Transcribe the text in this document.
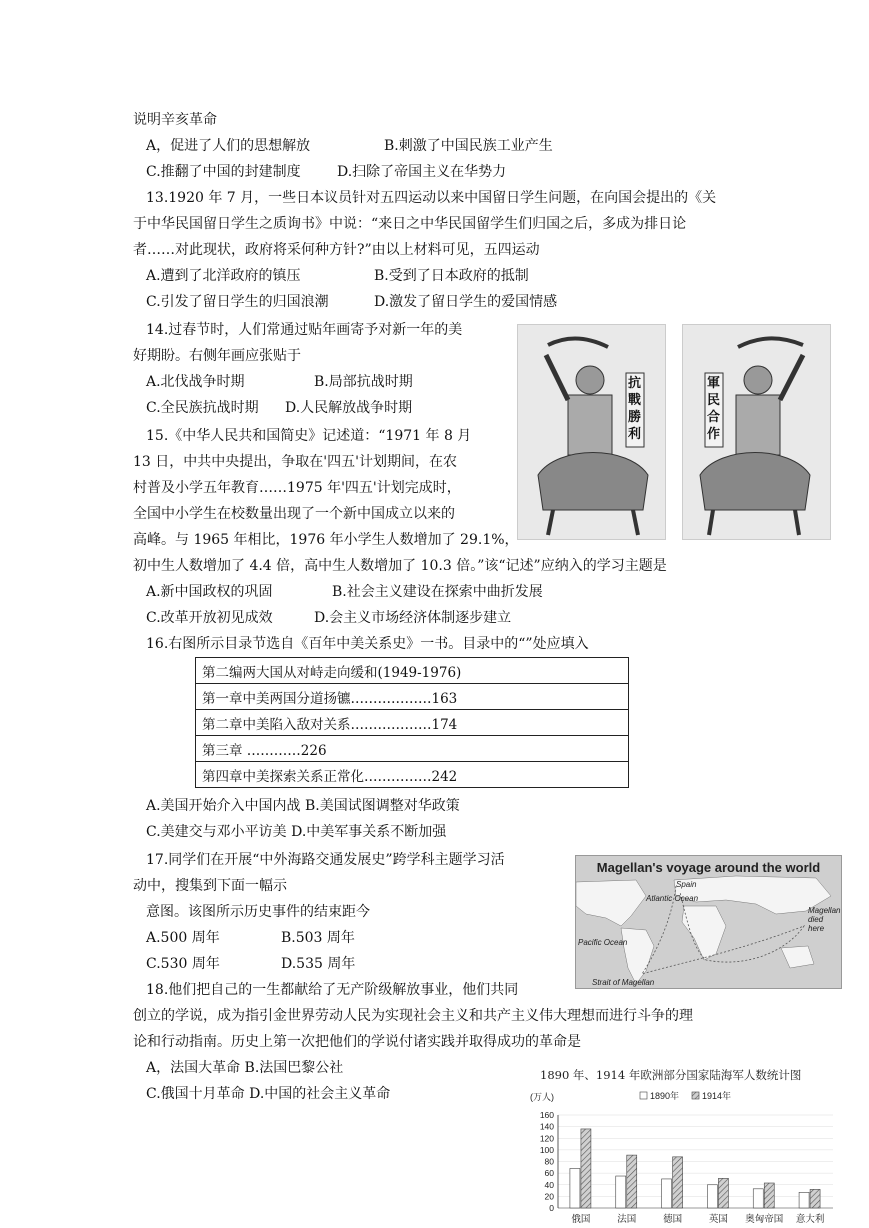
说明辛亥革命
A，促进了人们的思想解放	B.刺激了中国民族工业产生
C.推翻了中国的封建制度	D.扫除了帝国主义在华势力
13.1920 年 7 月，一些日本议员针对五四运动以来中国留日学生问题，在向国会提出的《关
于中华民国留日学生之质询书》中说：“来日之中华民国留学生们归国之后，多成为排日论
者……对此现状，政府将采何种方针?”由以上材料可见，五四运动
A.遭到了北洋政府的镇压	B.受到了日本政府的抵制
C.引发了留日学生的归国浪潮	D.激发了留日学生的爱国情感
14.过春节时，人们常通过贴年画寄予对新一年的美
好期盼。右侧年画应张贴于
A.北伐战争时期	B.局部抗战时期
C.全民族抗战时期 D.人民解放战争时期
抗戰勝利
軍民合作
15.《中华人民共和国简史》记述道：“1971 年 8 月
13 日，中共中央提出，争取在'四五'计划期间，在农
村普及小学五年教育……1975 年'四五'计划完成时，
全国中小学生在校数量出现了一个新中国成立以来的
高峰。与 1965 年相比，1976 年小学生人数增加了 29.1%，
初中生人数增加了 4.4 倍，高中生人数增加了 10.3 倍。”该“记述”应纳入的学习主题是
A.新中国政权的巩固	B.社会主义建设在探索中曲折发展
C.改革开放初见成效	D.会主义市场经济体制逐步建立
16.右图所示目录节选自《百年中美关系史》一书。目录中的“”处应填入
第二编两大国从对峙走向缓和(1949-1976)
第一章中美两国分道扬镳………………163
第二章中美陷入敌对关系………………174
第三章 …………226
第四章中美探索关系正常化……………242
A.美国开始介入中国内战 B.美国试图调整对华政策
C.美建交与邓小平访美 D.中美军事关系不断加强
17.同学们在开展“中外海路交通发展史”跨学科主题学习活
动中，搜集到下面一幅示
意图。该图所示历史事件的结束距今
A.500 周年	B.503 周年
C.530 周年	D.535 周年
Magellan's voyage around the world
Spain
Atlantic Ocean
Pacific Ocean
Strait of Magellan
Magellan died here
18.他们把自己的一生都献给了无产阶级解放事业，他们共同
创立的学说，成为指引金世界劳动人民为实现社会主义和共产主义伟大理想而进行斗争的理
论和行动指南。历史上第一次把他们的学说付诸实践并取得成功的革命是
A，法国大革命 B.法国巴黎公社
C.俄国十月革命 D.中国的社会主义革命
1890 年、1914 年欧洲部分国家陆海军人数统计图
(万人)	1890年	1914年
0
20
40
60
80
100
120
140
160
俄国	法国	德国	英国 奥匈帝国 意大利
